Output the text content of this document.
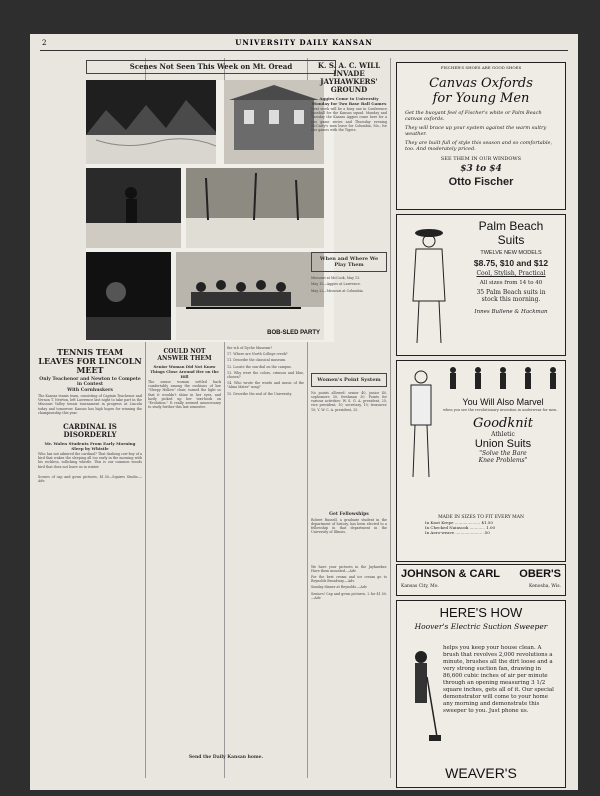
2	UNIVERSITY DAILY KANSAN
Scenes Not Seen This Week on Mt. Oread
BOB-SLED PARTY
TENNIS TEAM LEAVES FOR LINCOLN MEET
Only Teachenor and Newton to Compete in Contest
With Cornhuskers

The Kansas tennis team, consisting of Captain Teachenor and Vernon T. Newton, left Lawrence last night to take part in the Missouri Valley tennis tournament in progress at Lincoln today and tomorrow. Kansas has high hopes for winning the championship this year.

CARDINAL IS DISORDERLY
Mr. Walen Students From Early Morning Sleep by Whistle

Who has not admired the cardinal? That dashing cow-boy of a bird that wakes the sleeping all too early in the morning with his reckless, rollicking whistle. This is our common woods bird that does not leave us in winter.

Scenes of cap and gown pictures, $1.50—Squires Studio.—Adv.

COULD NOT ANSWER THEM
Senior Woman Did Not Know Things Close Around Her on the Hill

The senior woman settled back comfortably among the cushions of her "Sleepy Hollow" chair, turned the light so that it wouldn't shine in her eyes, and lazily picked up her text-book on "Evolution." It really seemed unnecessary to study further this last semester.

the w.h of Dyche Museum?

17. Where are North College creek?

11. Describe the classical museum.

12. Locate the sun-dial on the campus.

13. Why were the colors, crimson and blue, chosen?

14. Who wrote the words and music of the "Alma Mater" song?

15. Describe the seal of the University.

K. S. A. C. WILL INVADE JAYHAWKERS' GROUND
Aggies Come to University Monday for Two Base Ball Games

Next week will be a busy one in Conference baseball for the Kansas squad. Monday and Tuesday the Kansas Aggies come here for a two game series and Thursday evening McCarty's men leave for Columbia, Mo., for two games with the Tigers.

When and Where We Play Them

Missouri at McCook, May 13.

May 15—Aggies at Lawrence.

May 22—Missouri at Columbia.

Women's Point System

No points allowed: senior 40, junior 40, sophomore 30, freshman 30. Points for various activities: W. S. G. A. president, 25; vice president, 10; secretary, 10; treasurer, 10; Y. W. C. A. president, 25.

Get Fellowships

Robert Russell, a graduate student in the department of history, has been elected to a fellowship in that department in the University of Illinois.

We have your pictures in the Jayhawker. Have them mounted.—Adv.

For the best cream and ice cream go to Reynolds Broadway.—Adv.

Sunday dinner at Reynolds.—Adv.

Seniors! Cap and gown pictures, 2 for $1.50.—Adv.

Send the Daily Kansan home.
FISCHER'S SHOES ARE GOOD SHOES
Canvas Oxfords
for Young Men
Get the buoyant feel of Fischer's white or Palm Beach canvas oxfords.
They will brace up your system against the warm sultry weather.
They are built full of style this season and so comfortable, too. And moderately priced.
SEE THEM IN OUR WINDOWS
$3 to $4
Otto Fischer
Palm Beach
Suits
TWELVE NEW MODELS
$8.75, $10 and $12
Cool, Stylish, Practical
All sizes from 14 to 40
35 Palm Beach suits in
stock this morning.
Innes Bullene & Hackman
You Will Also Marvel
when you see the revolutionary invention in underwear for men.
Goodknit
Athletic
Union Suits
"Solve the Bare
Knee Problems"
MADE IN SIZES TO FIT EVERY MAN
In Knot Krepe .................... $1.50
In Checked Nainsook ............ 1.00
In Aero-weave ..................... .50
JOHNSON & CARL OBER'S
Kansas City, Mo.	Kenosha, Wis.
HERE'S HOW
Hoover's Electric Suction Sweeper
helps you keep your house clean. A brush that revolves 2,000 revolutions a minute, brushes all the dirt loose and a very strong suction fan, drawing in 86,600 cubic inches of air per minute through an opening measuring 3 1/2 square inches, gets all of it. Our special demonstrator will come to your home any morning and demonstrate this sweeper to you. Just phone us.
WEAVER'S
